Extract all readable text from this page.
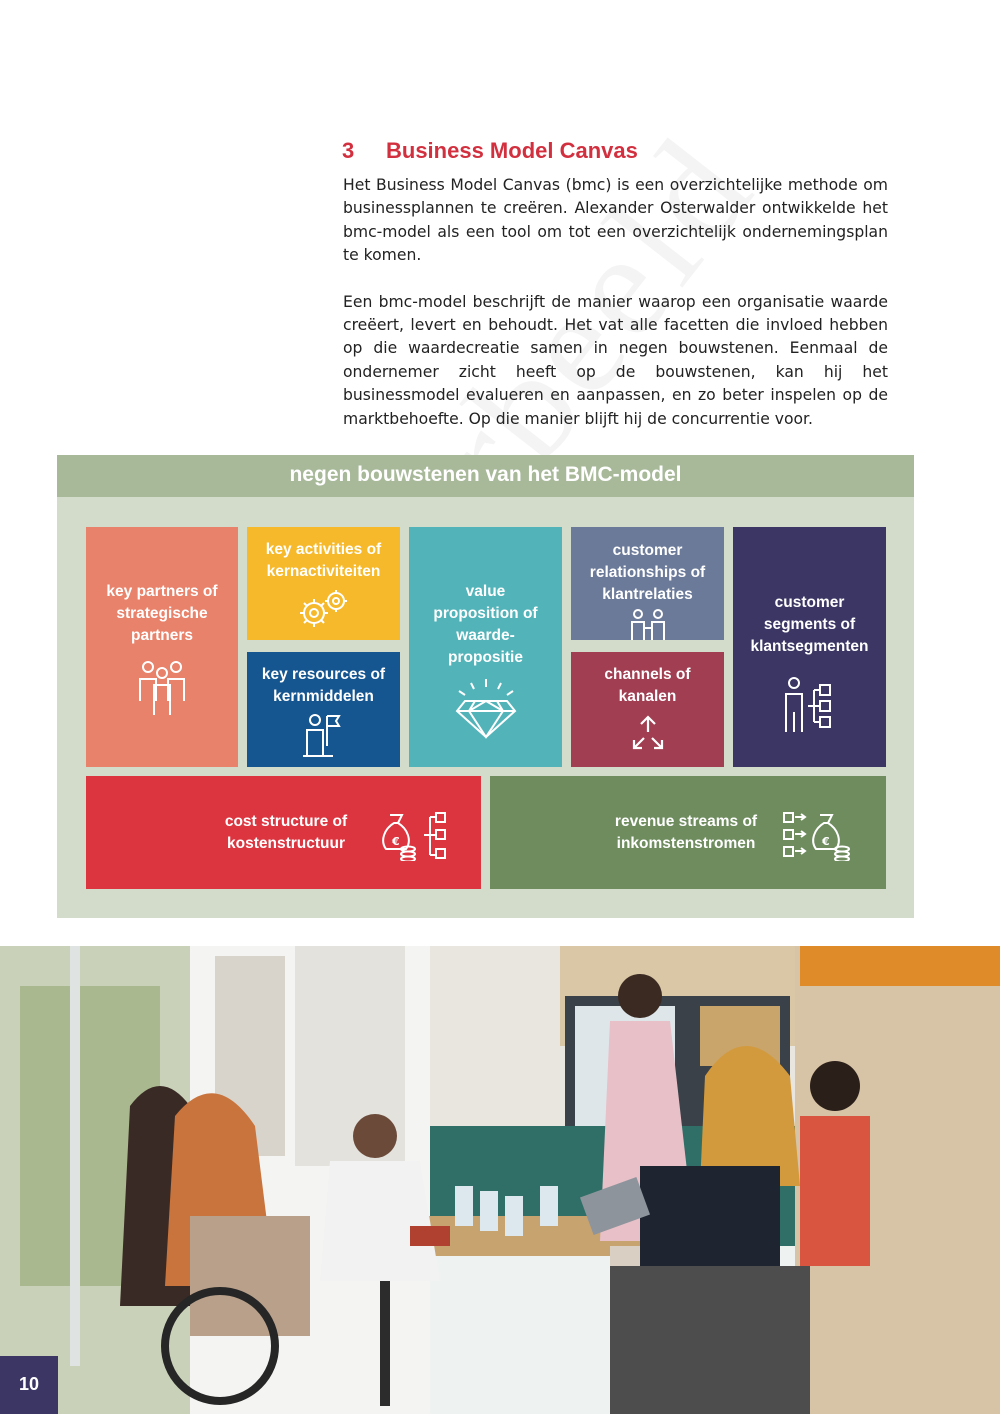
3 Business Model Canvas

Het Business Model Canvas (bmc) is een overzichtelijke methode om businessplannen te creëren. Alexander Osterwalder ontwikkelde het bmc-model als een tool om tot een overzichtelijk ondernemingsplan te komen.

Een bmc-model beschrijft de manier waarop een organisatie waarde creëert, levert en behoudt. Het vat alle facetten die invloed hebben op die waardecreatie samen in negen bouwstenen. Eenmaal de ondernemer zicht heeft op de bouwstenen, kan hij het businessmodel evalueren en aanpassen, en zo beter inspelen op de marktbehoefte. Op die manier blijft hij de concurrentie voor.

negen bouwstenen van het BMC-model
key partners of strategische partners
key activities of kernactiviteiten
key resources of kernmiddelen
value proposition of waarde-propositie
customer relationships of klantrelaties
channels of kanalen
customer segments of klantsegmenten
cost structure of kostenstructuur	€
revenue streams of inkomstenstromen	€
10
